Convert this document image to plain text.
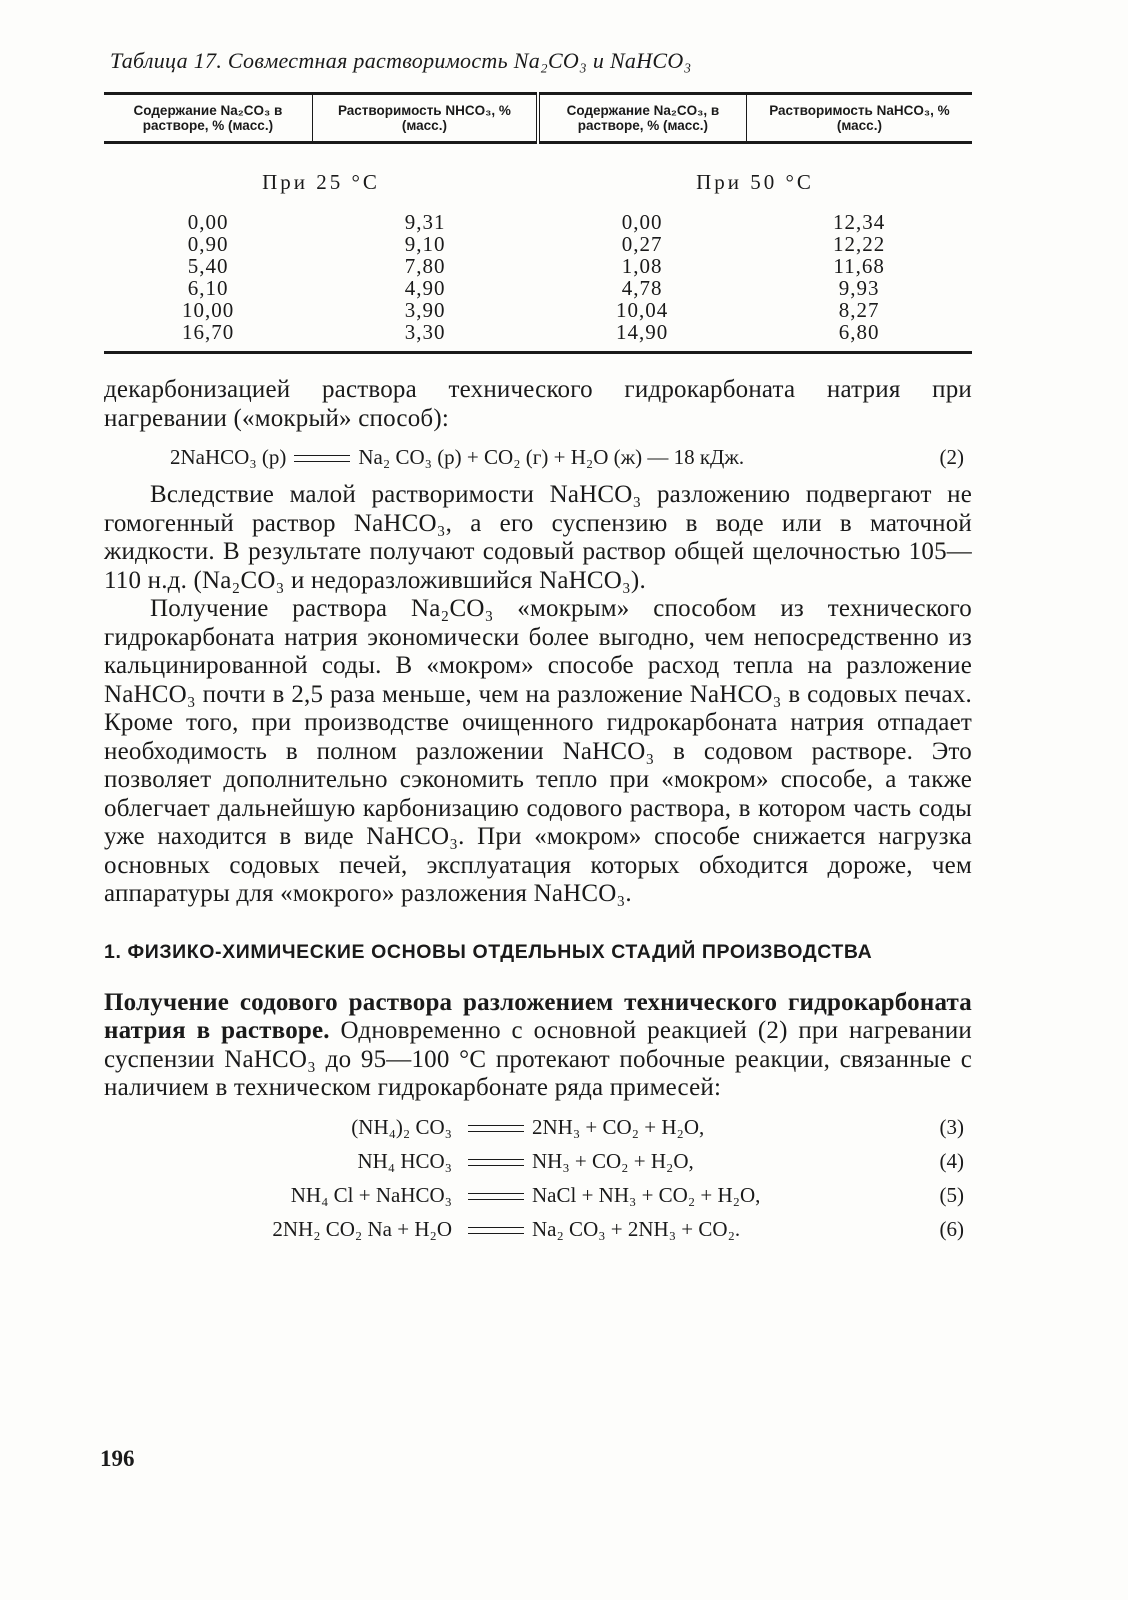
Таблица 17. Совместная растворимость Na₂CO₃ и NaHCO₃
Содержание Na₂CO₃ в растворе, % (масс.)	Растворимость NHCO₃, % (масс.)	Содержание Na₂CO₃, в растворе, % (масс.)	Растворимость NaHCO₃, % (масс.)
При 25 °C		При 50 °C	
0,00	9,31	0,00	12,34
0,90	9,10	0,27	12,22
5,40	7,80	1,08	11,68
6,10	4,90	4,78	9,93
10,00	3,90	10,04	8,27
16,70	3,30	14,90	6,80

декарбонизацией раствора технического гидрокарбоната натрия при нагревании («мокрый» способ):

2NaHCO₃ (р)	Na₂ CO₃ (р) + CO₂ (г) + H₂O (ж) — 18 кДж.	(2)

Вследствие малой растворимости NaHCO₃ разложению подвергают не гомогенный раствор NaHCO₃, а его суспензию в воде или в маточной жидкости. В результате получают содовый раствор общей щелочностью 105—110 н.д. (Na₂CO₃ и недоразложившийся NaHCO₃).

Получение раствора Na₂CO₃ «мокрым» способом из технического гидрокарбоната натрия экономически более выгодно, чем непосредственно из кальцинированной соды. В «мокром» способе расход тепла на разложение NaHCO₃ почти в 2,5 раза меньше, чем на разложение NaHCO₃ в содовых печах. Кроме того, при производстве очищенного гидрокарбоната натрия отпадает необходимость в полном разложении NaHCO₃ в содовом растворе. Это позволяет дополнительно сэкономить тепло при «мокром» способе, а также облегчает дальнейшую карбонизацию содового раствора, в котором часть соды уже находится в виде NaHCO₃. При «мокром» способе снижается нагрузка основных содовых печей, эксплуатация которых обходится дороже, чем аппаратуры для «мокрого» разложения NaHCO₃.

1. ФИЗИКО-ХИМИЧЕСКИЕ ОСНОВЫ ОТДЕЛЬНЫХ СТАДИЙ ПРОИЗВОДСТВА

Получение содового раствора разложением технического гидрокарбоната натрия в растворе. Одновременно с основной реакцией (2) при нагревании суспензии NaHCO₃ до 95—100 °C протекают побочные реакции, связанные с наличием в техническом гидрокарбонате ряда примесей:

(NH₄)₂ CO₃	2NH₃ + CO₂ + H₂O,	(3)
NH₄ HCO₃	NH₃ + CO₂ + H₂O,	(4)
NH₄ Cl + NaHCO₃	NaCl + NH₃ + CO₂ + H₂O,	(5)
2NH₂ CO₂ Na + H₂O	Na₂ CO₃ + 2NH₃ + CO₂.	(6)
196
